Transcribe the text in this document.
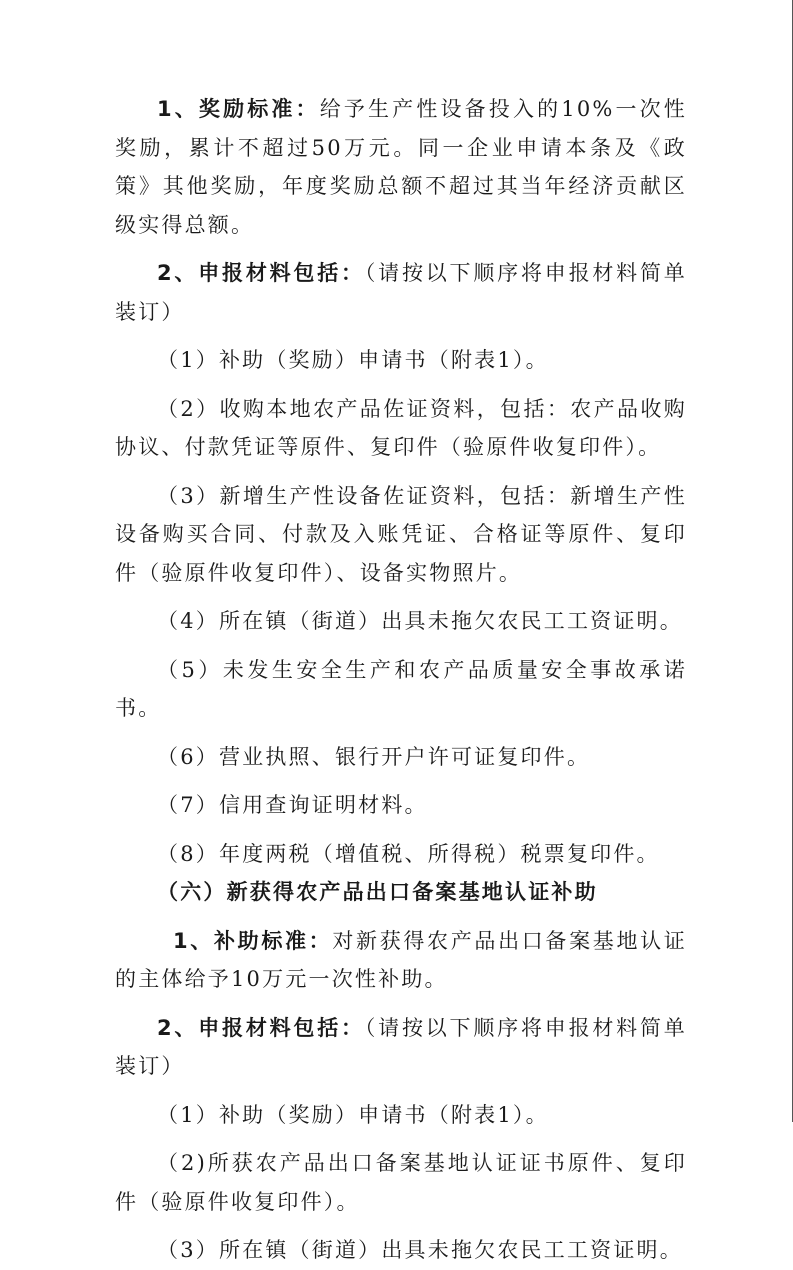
1、奖励标准：给予生产性设备投入的10%一次性奖励，累计不超过50万元。同一企业申请本条及《政策》其他奖励，年度奖励总额不超过其当年经济贡献区级实得总额。

2、申报材料包括：（请按以下顺序将申报材料简单装订）

（1）补助（奖励）申请书（附表1）。

（2）收购本地农产品佐证资料，包括：农产品收购协议、付款凭证等原件、复印件（验原件收复印件）。

（3）新增生产性设备佐证资料，包括：新增生产性设备购买合同、付款及入账凭证、合格证等原件、复印件（验原件收复印件）、设备实物照片。

（4）所在镇（街道）出具未拖欠农民工工资证明。

（5）未发生安全生产和农产品质量安全事故承诺书。

（6）营业执照、银行开户许可证复印件。

（7）信用查询证明材料。

（8）年度两税（增值税、所得税）税票复印件。

（六）新获得农产品出口备案基地认证补助

1、补助标准：对新获得农产品出口备案基地认证的主体给予10万元一次性补助。

2、申报材料包括：（请按以下顺序将申报材料简单装订）

（1）补助（奖励）申请书（附表1）。

（2)所获农产品出口备案基地认证证书原件、复印件（验原件收复印件）。

（3）所在镇（街道）出具未拖欠农民工工资证明。
